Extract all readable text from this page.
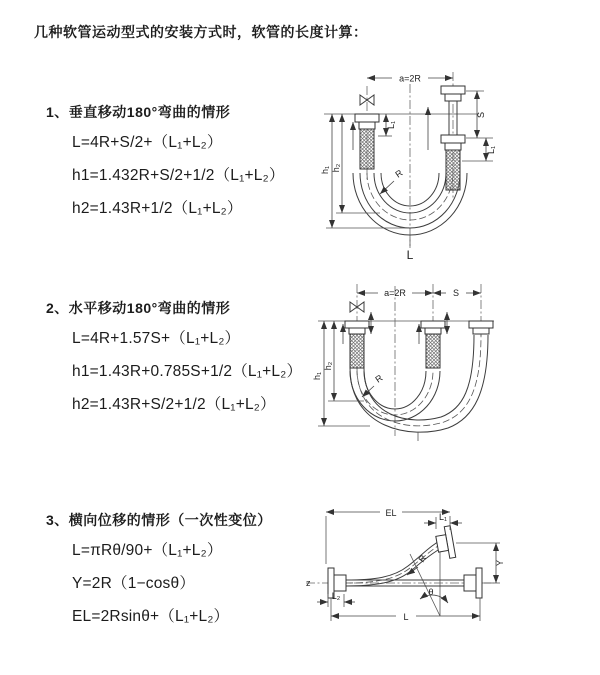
几种软管运动型式的安装方式时，软管的长度计算：

1、垂直移动180°弯曲的情形

L=4R+S/2+（L₁+L₂）

h1=1.432R+S/2+1/2（L₁+L₂）

h2=1.43R+1/2（L₁+L₂）

2、水平移动180°弯曲的情形

L=4R+1.57S+（L₁+L₂）

h1=1.43R+0.785S+1/2（L₁+L₂）

h2=1.43R+S/2+1/2（L₁+L₂）

3、横向位移的情形（一次性变位）

L=πRθ/90+（L₁+L₂）

Y=2R（1−cosθ）

EL=2Rsinθ+（L₁+L₂）

a=2R
S
L₁
L₁
h₁ h₂	R
L
a=2R	S
h₁
h₂
R
EL	L₁
Y
θ
R
L₂
L
z
